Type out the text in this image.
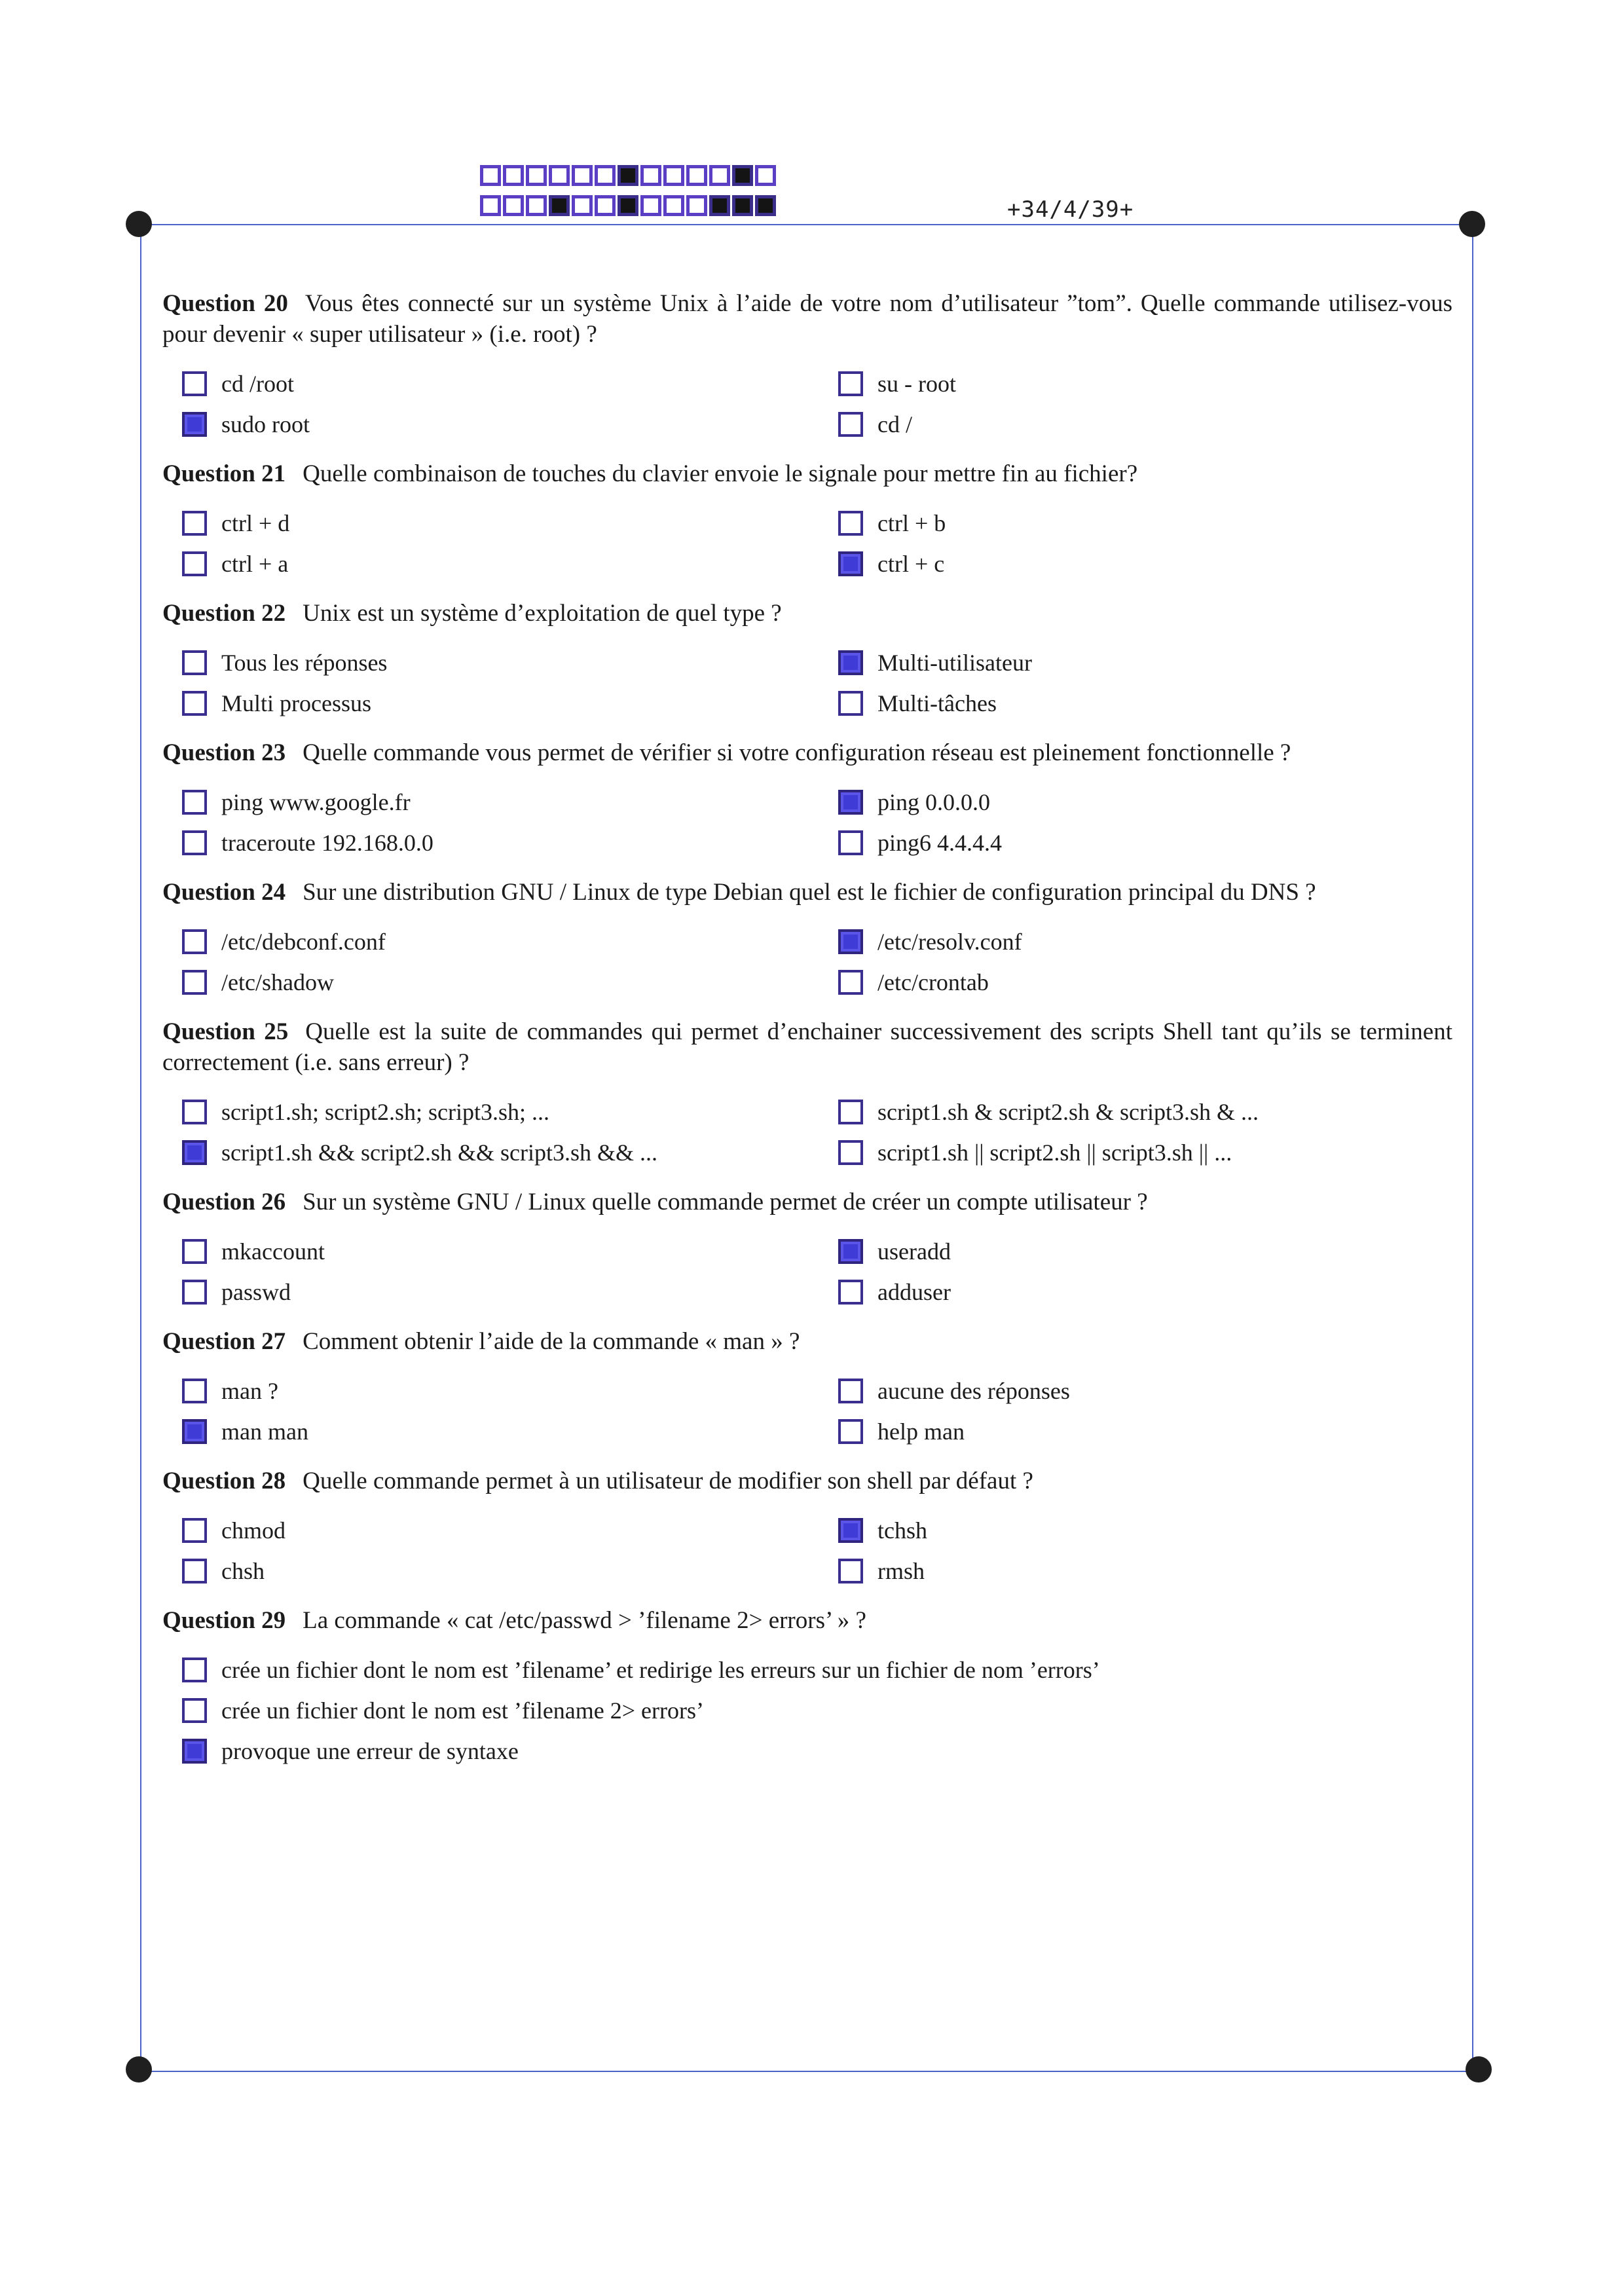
+34/4/39+

Question 20 Vous êtes connecté sur un système Unix à l’aide de votre nom d’utilisateur ”tom”. Quelle commande utilisez-vous pour devenir « super utilisateur » (i.e. root) ?

cd /root	su - root
sudo root	cd /

Question 21 Quelle combinaison de touches du clavier envoie le signale pour mettre fin au fichier?

ctrl + d	ctrl + b
ctrl + a	ctrl + c

Question 22 Unix est un système d’exploitation de quel type ?

Tous les réponses	Multi-utilisateur
Multi processus	Multi-tâches

Question 23 Quelle commande vous permet de vérifier si votre configuration réseau est pleinement fonctionnelle ?

ping www.google.fr	ping 0.0.0.0
traceroute 192.168.0.0	ping6 4.4.4.4

Question 24 Sur une distribution GNU / Linux de type Debian quel est le fichier de configuration principal du DNS ?

/etc/debconf.conf	/etc/resolv.conf
/etc/shadow	/etc/crontab

Question 25 Quelle est la suite de commandes qui permet d’enchainer successivement des scripts Shell tant qu’ils se terminent correctement (i.e. sans erreur) ?

script1.sh; script2.sh; script3.sh; ...	script1.sh & script2.sh & script3.sh & ...
script1.sh && script2.sh && script3.sh && ...	script1.sh || script2.sh || script3.sh || ...

Question 26 Sur un système GNU / Linux quelle commande permet de créer un compte utilisateur ?

mkaccount	useradd
passwd	adduser

Question 27 Comment obtenir l’aide de la commande « man » ?

man ?	aucune des réponses
man man	help man

Question 28 Quelle commande permet à un utilisateur de modifier son shell par défaut ?

chmod	tchsh
chsh	rmsh

Question 29 La commande « cat /etc/passwd > ’filename 2> errors’ » ?

crée un fichier dont le nom est ’filename’ et redirige les erreurs sur un fichier de nom ’errors’
crée un fichier dont le nom est ’filename 2> errors’
provoque une erreur de syntaxe
